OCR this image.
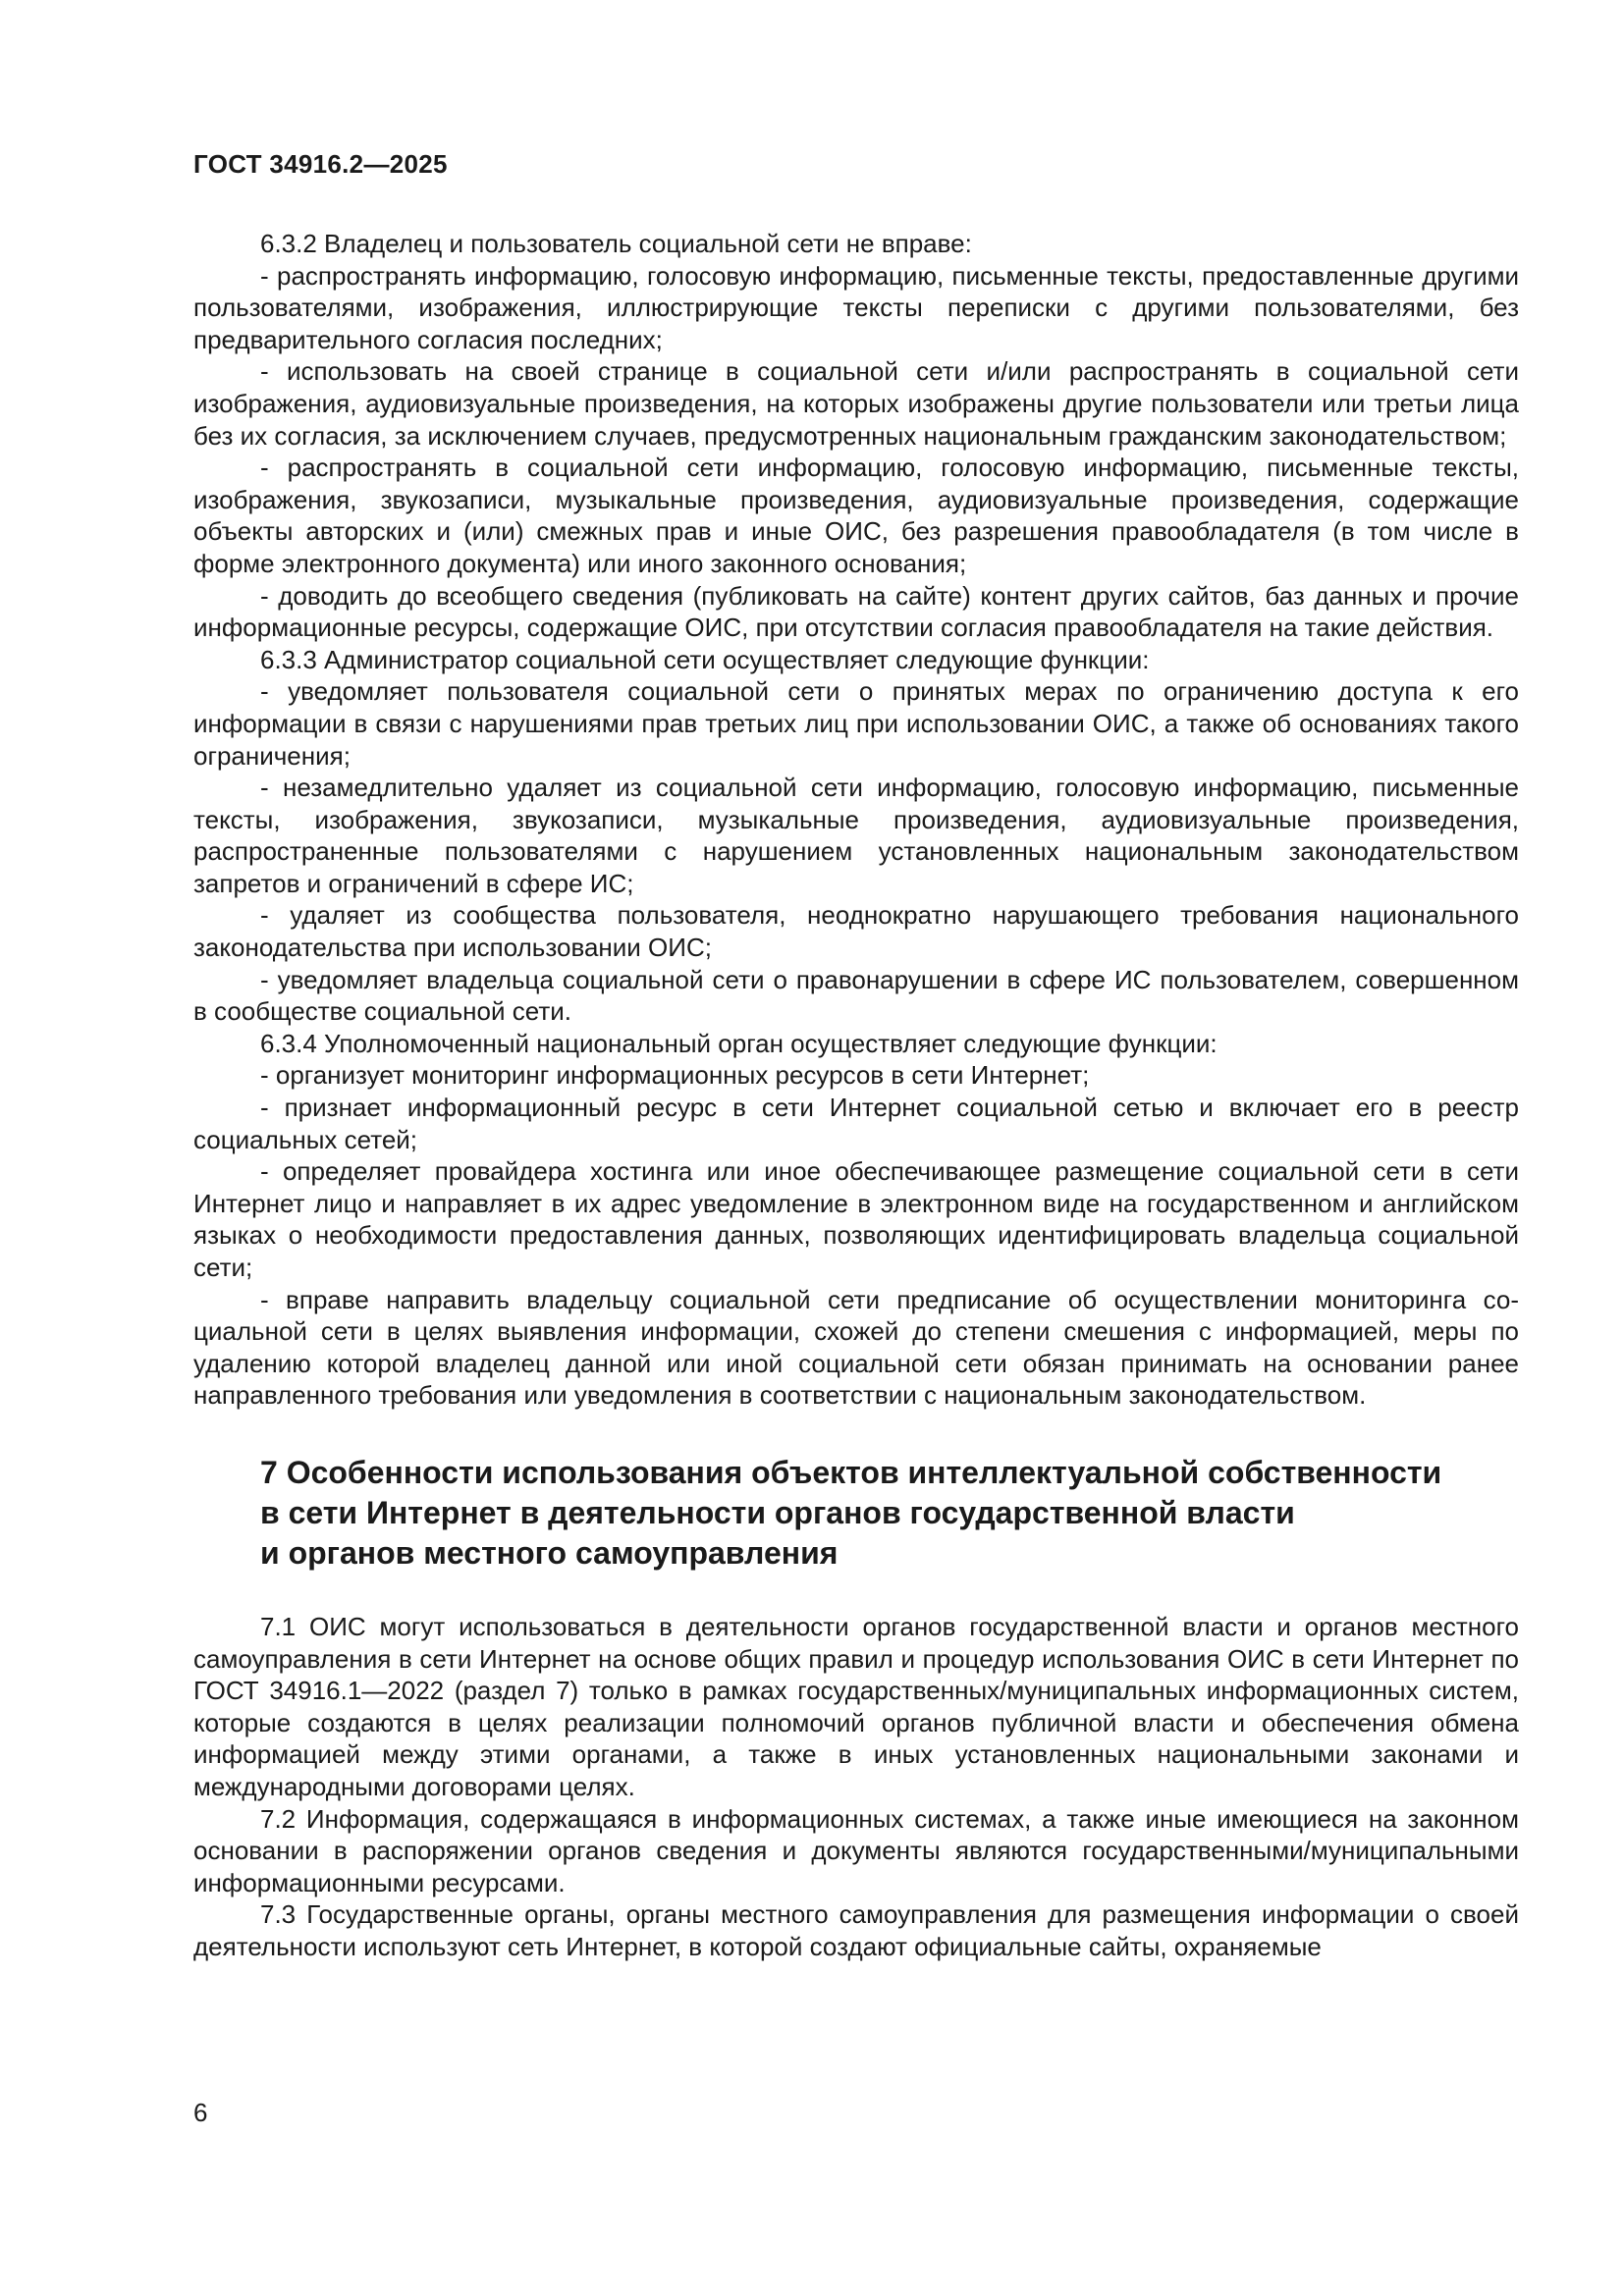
ГОСТ 34916.2—2025

6.3.2 Владелец и пользователь социальной сети не вправе:

- распространять информацию, голосовую информацию, письменные тексты, предоставленные другими пользователями, изображения, иллюстрирующие тексты переписки с другими пользователями, без предварительного согласия последних;

- использовать на своей странице в социальной сети и/или распространять в социальной сети изображения, аудиовизуальные произведения, на которых изображены другие пользователи или третьи лица без их согласия, за исключением случаев, предусмотренных национальным гражданским законодательством;

- распространять в социальной сети информацию, голосовую информацию, письменные тексты, изображения, звукозаписи, музыкальные произведения, аудиовизуальные произведения, содержащие объекты авторских и (или) смежных прав и иные ОИС, без разрешения правообладателя (в том числе в форме электронного документа) или иного законного основания;

- доводить до всеобщего сведения (публиковать на сайте) контент других сайтов, баз данных и прочие информационные ресурсы, содержащие ОИС, при отсутствии согласия правообладателя на такие действия.

6.3.3 Администратор социальной сети осуществляет следующие функции:

- уведомляет пользователя социальной сети о принятых мерах по ограничению доступа к его информации в связи с нарушениями прав третьих лиц при использовании ОИС, а также об основаниях такого ограничения;

- незамедлительно удаляет из социальной сети информацию, голосовую информацию, письменные тексты, изображения, звукозаписи, музыкальные произведения, аудиовизуальные произведения, распространенные пользователями с нарушением установленных национальным законодательством запретов и ограничений в сфере ИС;

- удаляет из сообщества пользователя, неоднократно нарушающего требования национального законодательства при использовании ОИС;

- уведомляет владельца социальной сети о правонарушении в сфере ИС пользователем, совершенном в сообществе социальной сети.

6.3.4 Уполномоченный национальный орган осуществляет следующие функции:

- организует мониторинг информационных ресурсов в сети Интернет;

- признает информационный ресурс в сети Интернет социальной сетью и включает его в реестр социальных сетей;

- определяет провайдера хостинга или иное обеспечивающее размещение социальной сети в сети Интернет лицо и направляет в их адрес уведомление в электронном виде на государственном и английском языках о необходимости предоставления данных, позволяющих идентифицировать владельца социальной сети;

- вправе направить владельцу социальной сети предписание об осуществлении мониторинга социальной сети в целях выявления информации, схожей до степени смешения с информацией, меры по удалению которой владелец данной или иной социальной сети обязан принимать на основании ранее направленного требования или уведомления в соответствии с национальным законодательством.

7 Особенности использования объектов интеллектуальной собственности
в сети Интернет в деятельности органов государственной власти
и органов местного самоуправления

7.1 ОИС могут использоваться в деятельности органов государственной власти и органов местного самоуправления в сети Интернет на основе общих правил и процедур использования ОИС в сети Интернет по ГОСТ 34916.1—2022 (раздел 7) только в рамках государственных/муниципальных информационных систем, которые создаются в целях реализации полномочий органов публичной власти и обеспечения обмена информацией между этими органами, а также в иных установленных национальными законами и международными договорами целях.

7.2 Информация, содержащаяся в информационных системах, а также иные имеющиеся на законном основании в распоряжении органов сведения и документы являются государственными/муниципальными информационными ресурсами.

7.3 Государственные органы, органы местного самоуправления для размещения информации о своей деятельности используют сеть Интернет, в которой создают официальные сайты, охраняемые

6
